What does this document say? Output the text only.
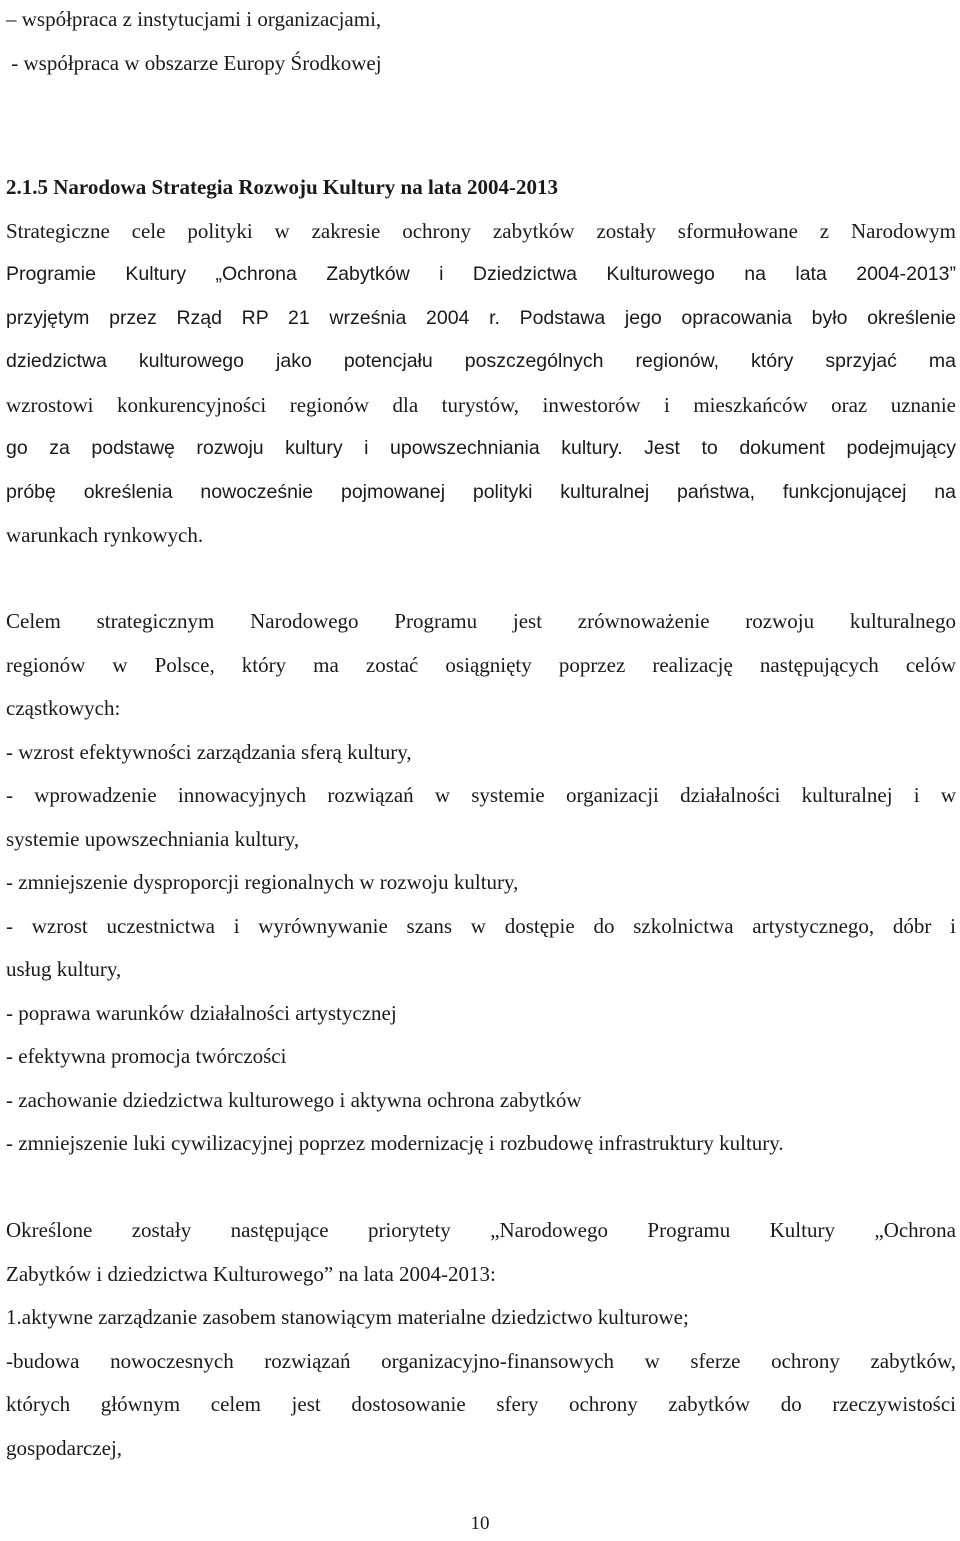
– współpraca z instytucjami i organizacjami,
- współpraca w obszarze Europy Środkowej
2.1.5 Narodowa Strategia Rozwoju Kultury na lata 2004-2013
Strategiczne cele polityki w zakresie ochrony zabytków zostały sformułowane z Narodowym
Programie Kultury „Ochrona Zabytków i Dziedzictwa Kulturowego na lata 2004-2013”
przyjętym przez Rząd RP 21 września 2004 r. Podstawa jego opracowania było określenie
dziedzictwa kulturowego jako potencjału poszczególnych regionów, który sprzyjać ma
wzrostowi konkurencyjności regionów dla turystów, inwestorów i mieszkańców oraz uznanie
go za podstawę rozwoju kultury i upowszechniania kultury. Jest to dokument podejmujący
próbę określenia nowocześnie pojmowanej polityki kulturalnej państwa, funkcjonującej na
warunkach rynkowych.
Celem strategicznym Narodowego Programu jest zrównoważenie rozwoju kulturalnego
regionów w Polsce, który ma zostać osiągnięty poprzez realizację następujących celów
cząstkowych:
- wzrost efektywności zarządzania sferą kultury,
- wprowadzenie innowacyjnych rozwiązań w systemie organizacji działalności kulturalnej i w
systemie upowszechniania kultury,
- zmniejszenie dysproporcji regionalnych w rozwoju kultury,
- wzrost uczestnictwa i wyrównywanie szans w dostępie do szkolnictwa artystycznego, dóbr i
usług kultury,
- poprawa warunków działalności artystycznej
- efektywna promocja twórczości
- zachowanie dziedzictwa kulturowego i aktywna ochrona zabytków
- zmniejszenie luki cywilizacyjnej poprzez modernizację i rozbudowę infrastruktury kultury.
Określone zostały następujące priorytety „Narodowego Programu Kultury „Ochrona
Zabytków i dziedzictwa Kulturowego” na lata 2004-2013:
1.aktywne zarządzanie zasobem stanowiącym materialne dziedzictwo kulturowe;
-budowa nowoczesnych rozwiązań organizacyjno-finansowych w sferze ochrony zabytków,
których głównym celem jest dostosowanie sfery ochrony zabytków do rzeczywistości
gospodarczej,
10
